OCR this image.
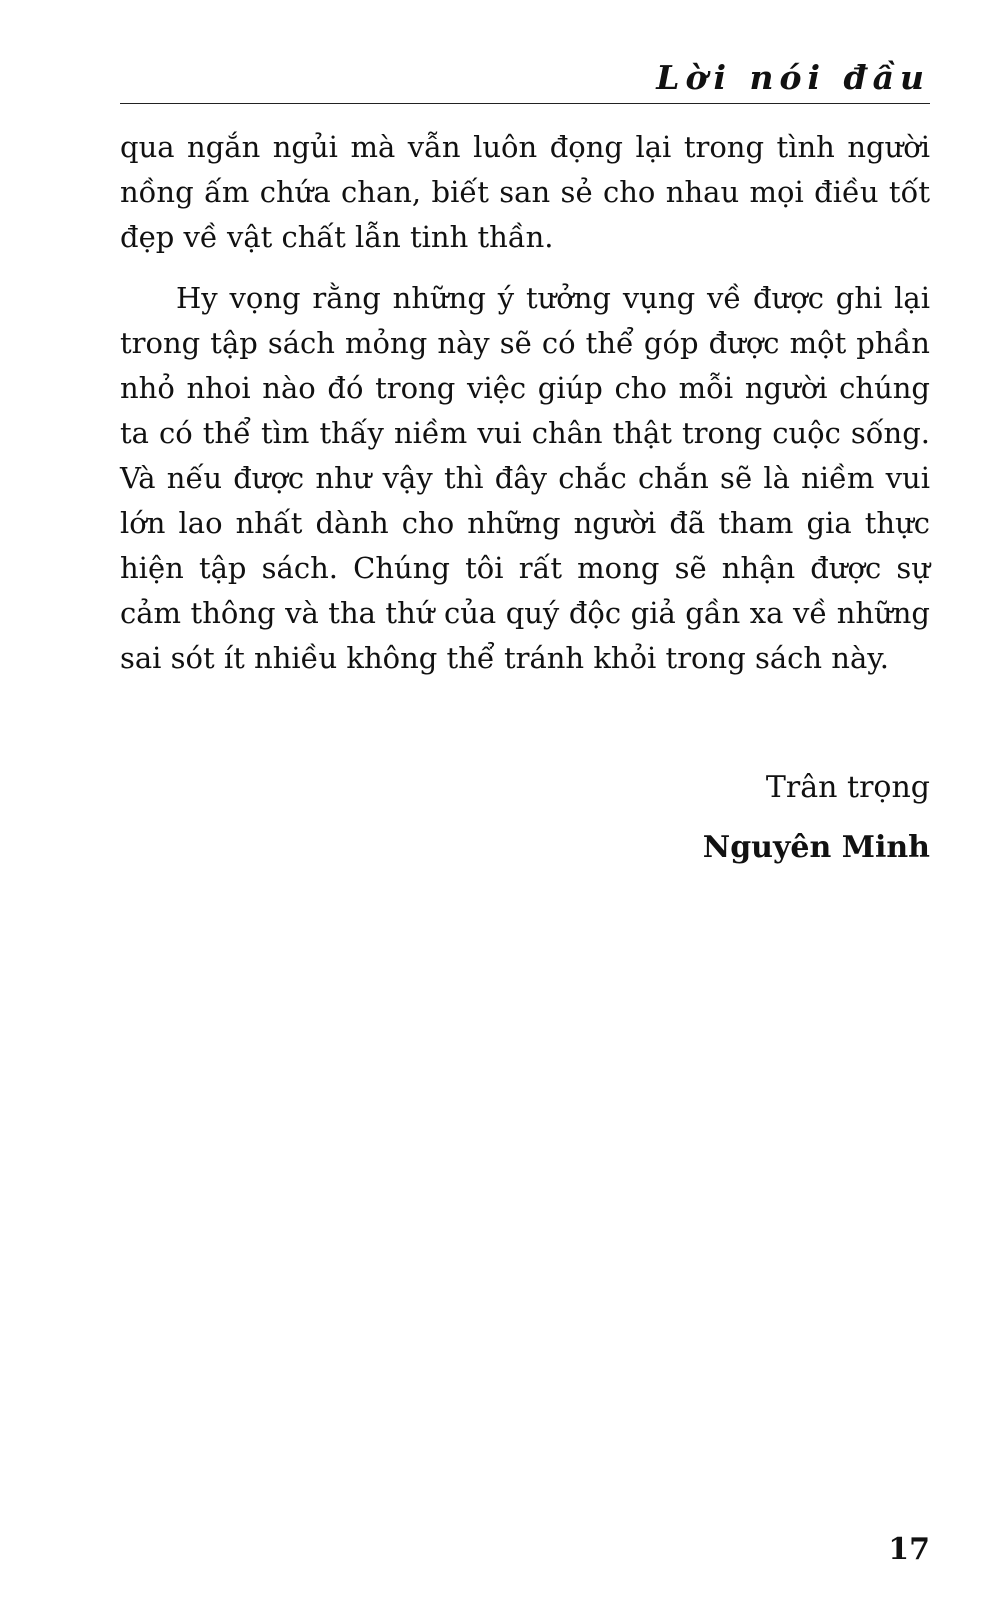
Lời nói đầu

qua ngắn ngủi mà vẫn luôn đọng lại trong tình người nồng ấm chứa chan, biết san sẻ cho nhau mọi điều tốt đẹp về vật chất lẫn tinh thần.

Hy vọng rằng những ý tưởng vụng về được ghi lại trong tập sách mỏng này sẽ có thể góp được một phần nhỏ nhoi nào đó trong việc giúp cho mỗi người chúng ta có thể tìm thấy niềm vui chân thật trong cuộc sống. Và nếu được như vậy thì đây chắc chắn sẽ là niềm vui lớn lao nhất dành cho những người đã tham gia thực hiện tập sách. Chúng tôi rất mong sẽ nhận được sự cảm thông và tha thứ của quý độc giả gần xa về những sai sót ít nhiều không thể tránh khỏi trong sách này.

Trân trọng
Nguyên Minh
17
